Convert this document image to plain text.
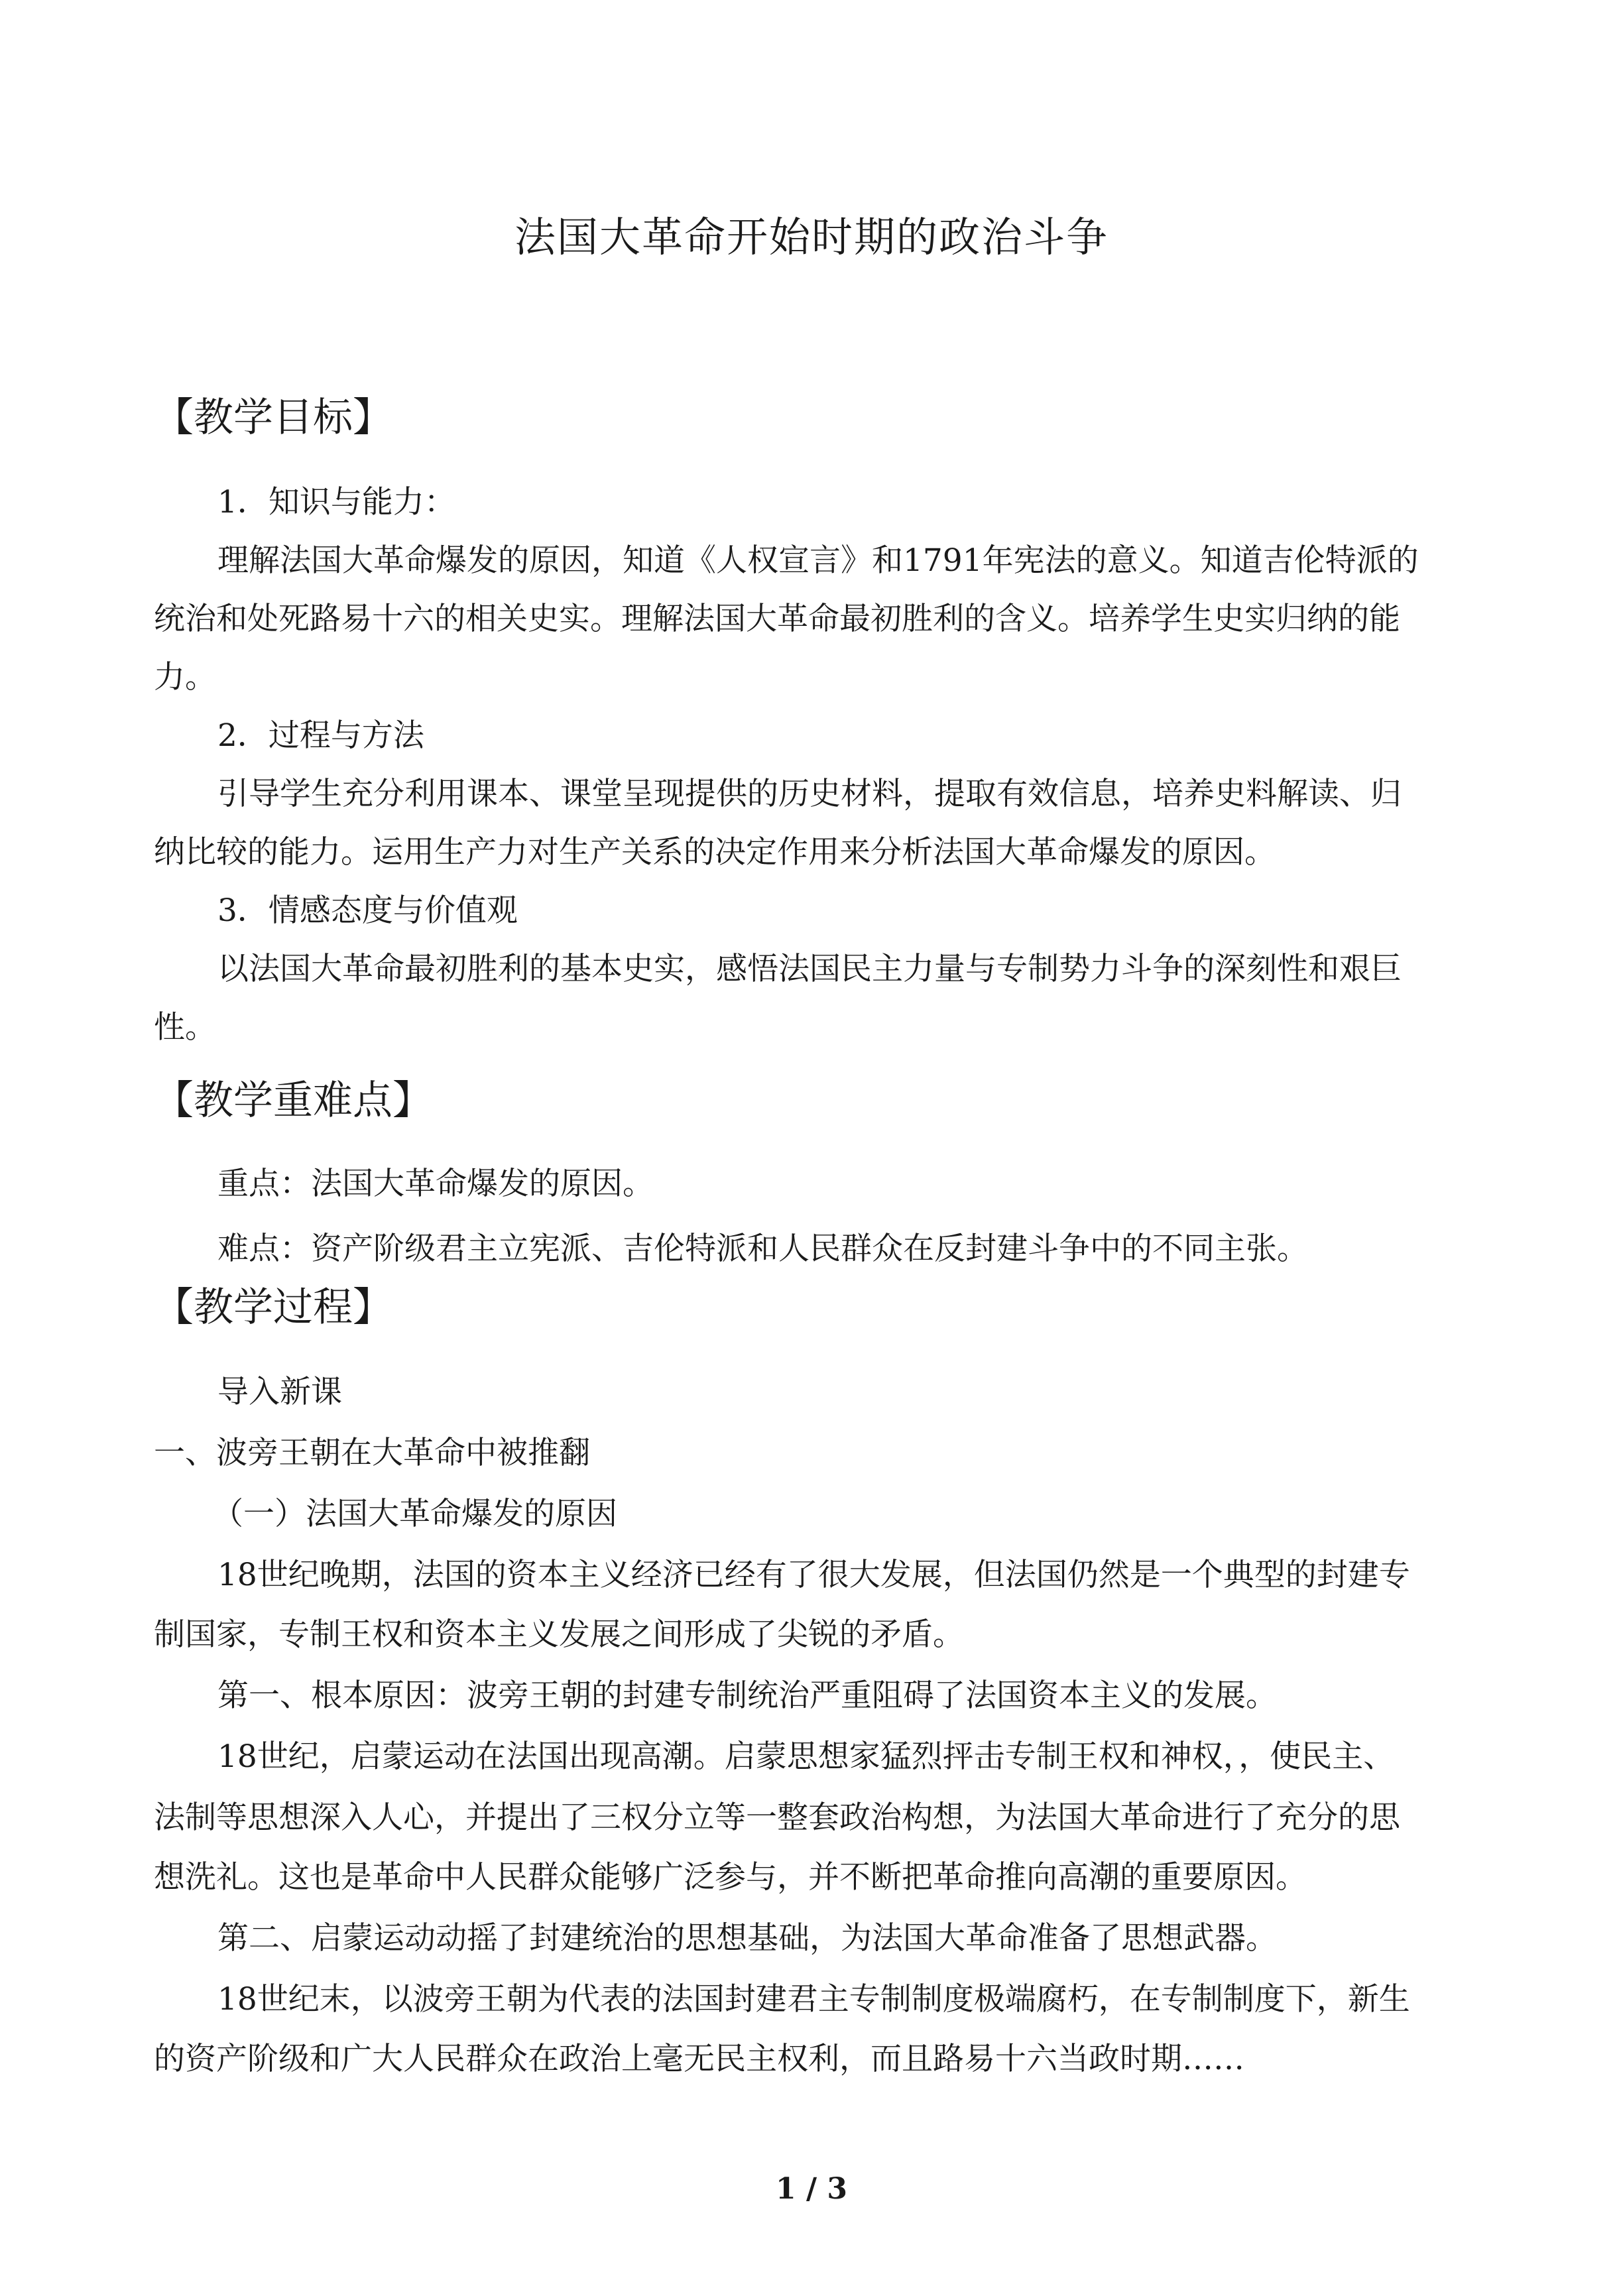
法国大革命开始时期的政治斗争
【教学目标】
1．知识与能力：
理解法国大革命爆发的原因，知道《人权宣言》和1791年宪法的意义。知道吉伦特派的
统治和处死路易十六的相关史实。理解法国大革命最初胜利的含义。培养学生史实归纳的能
力。
2．过程与方法
引导学生充分利用课本、课堂呈现提供的历史材料，提取有效信息，培养史料解读、归
纳比较的能力。运用生产力对生产关系的决定作用来分析法国大革命爆发的原因。
3．情感态度与价值观
以法国大革命最初胜利的基本史实，感悟法国民主力量与专制势力斗争的深刻性和艰巨
性。
【教学重难点】
重点：法国大革命爆发的原因。
难点：资产阶级君主立宪派、吉伦特派和人民群众在反封建斗争中的不同主张。
【教学过程】
导入新课
一、波旁王朝在大革命中被推翻
（一）法国大革命爆发的原因
18世纪晚期，法国的资本主义经济已经有了很大发展，但法国仍然是一个典型的封建专
制国家，专制王权和资本主义发展之间形成了尖锐的矛盾。
第一、根本原因：波旁王朝的封建专制统治严重阻碍了法国资本主义的发展。
18世纪，启蒙运动在法国出现高潮。启蒙思想家猛烈抨击专制王权和神权，，使民主、
法制等思想深入人心，并提出了三权分立等一整套政治构想，为法国大革命进行了充分的思
想洗礼。这也是革命中人民群众能够广泛参与，并不断把革命推向高潮的重要原因。
第二、启蒙运动动摇了封建统治的思想基础，为法国大革命准备了思想武器。
18世纪末，以波旁王朝为代表的法国封建君主专制制度极端腐朽，在专制制度下，新生
的资产阶级和广大人民群众在政治上毫无民主权利，而且路易十六当政时期……
1 / 3
